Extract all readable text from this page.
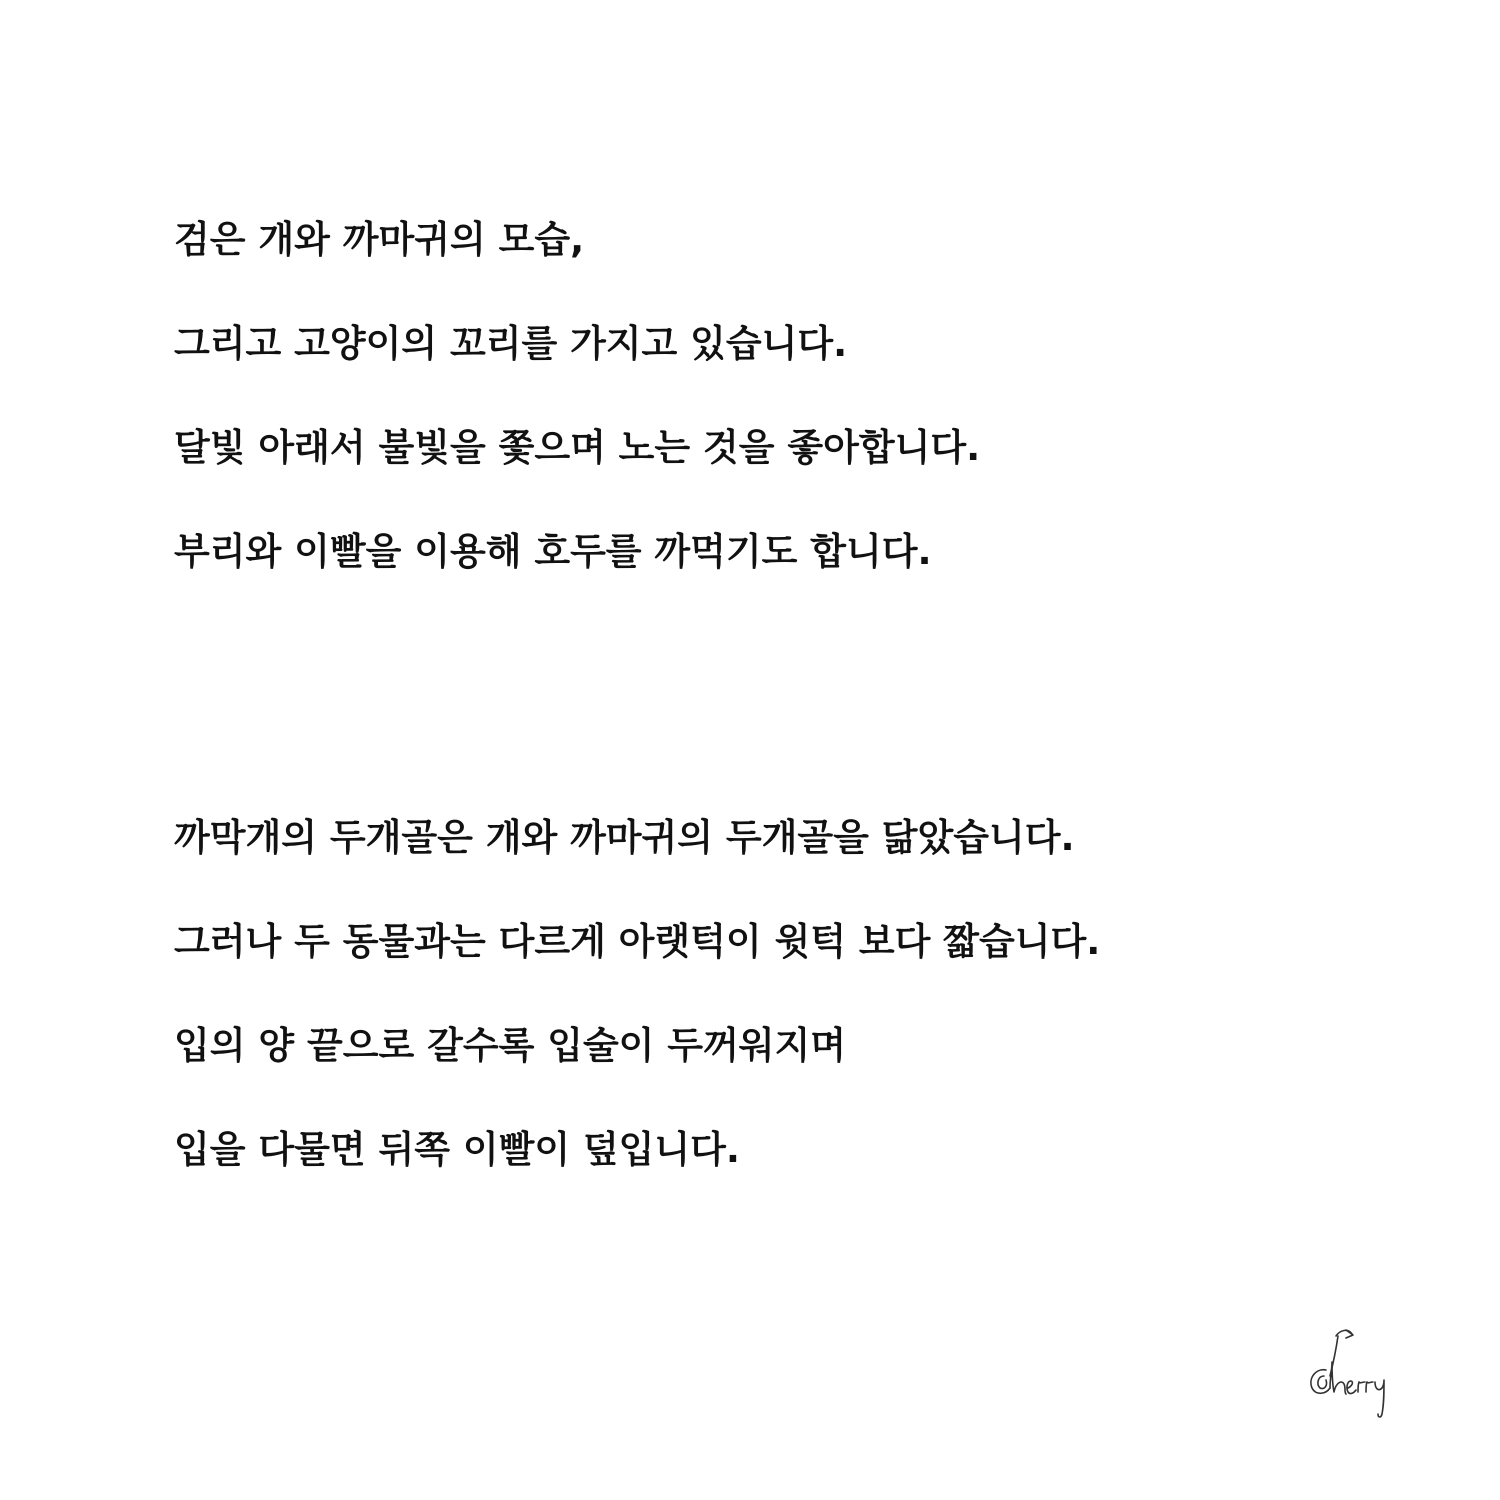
검은 개와 까마귀의 모습,
그리고 고양이의 꼬리를 가지고 있습니다.
달빛 아래서 불빛을 쫓으며 노는 것을 좋아합니다.
부리와 이빨을 이용해 호두를 까먹기도 합니다.
까막개의 두개골은 개와 까마귀의 두개골을 닮았습니다.
그러나 두 동물과는 다르게 아랫턱이 윗턱 보다 짧습니다.
입의 양 끝으로 갈수록 입술이 두꺼워지며
입을 다물면 뒤쪽 이빨이 덮입니다.
